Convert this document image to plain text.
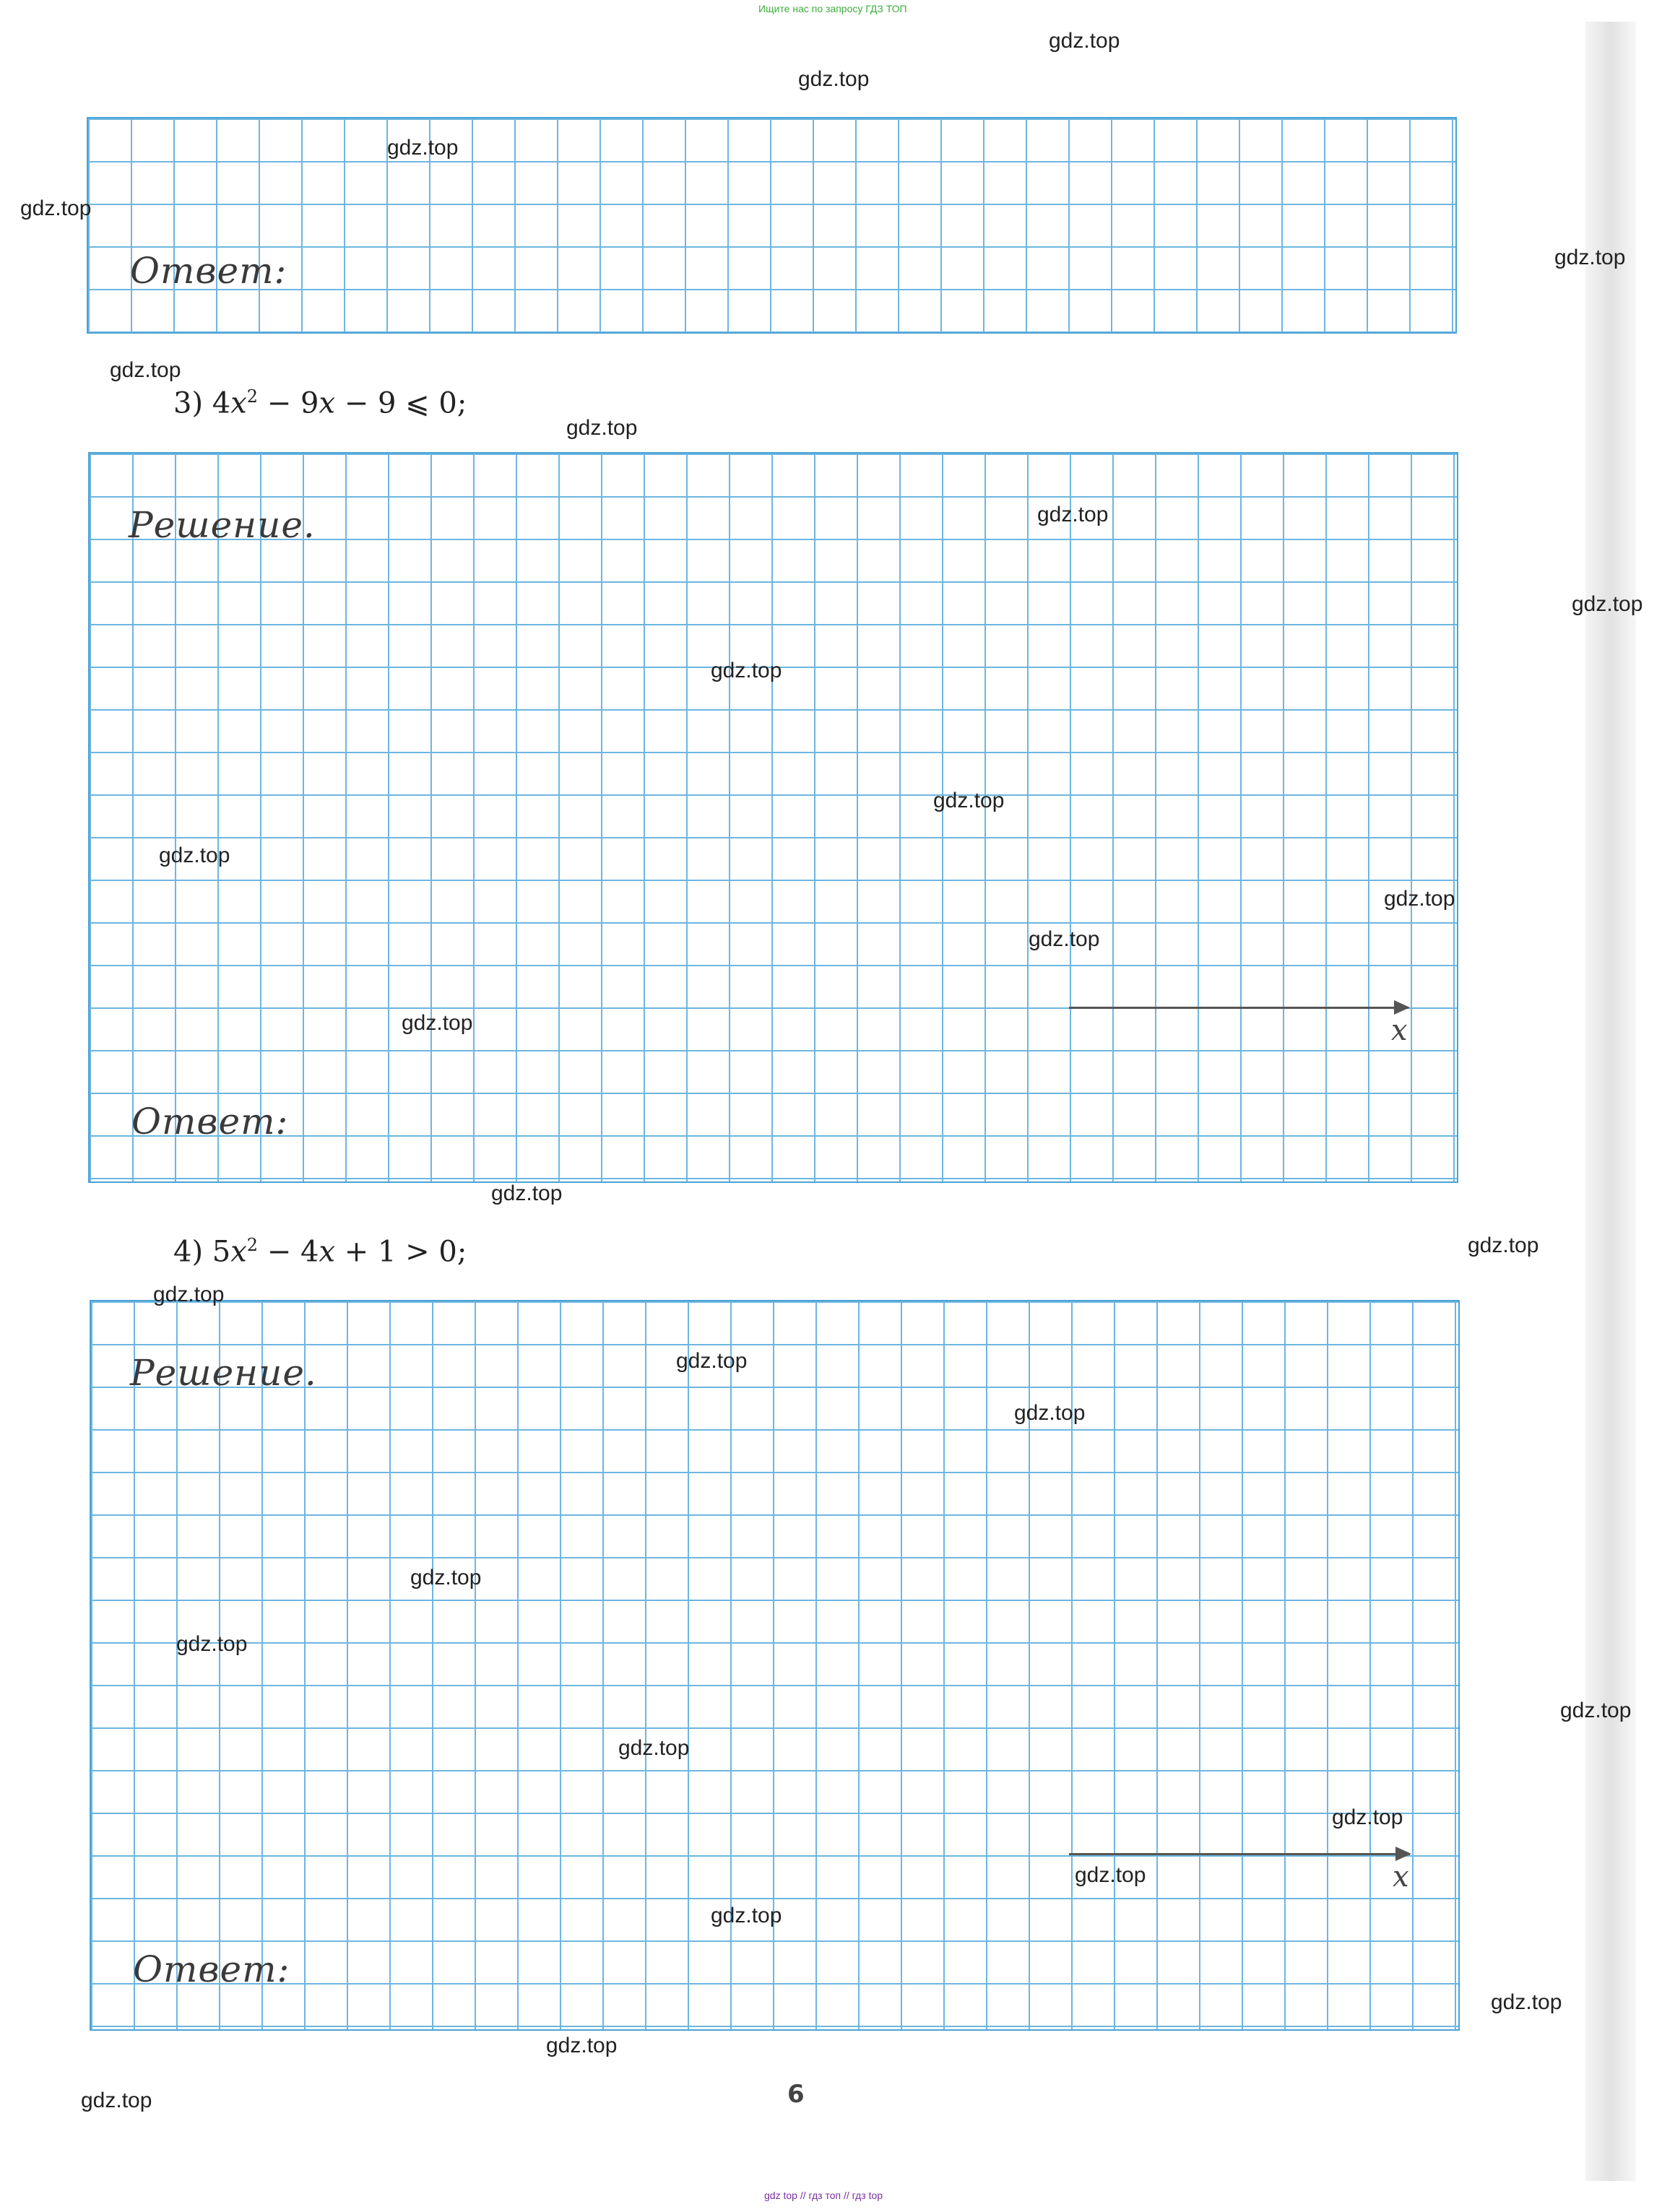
Ищите нас по запросу ГДЗ ТОП
Ответ:
3) $4x^2 - 9x - 9$ ⩽ 0;
Решение.
x
Ответ:
4) $5x^2 - 4x + 1 > 0$;
Решение.
x
Ответ:
6
gdz.top
gdz.top
gdz.top
gdz.top
gdz.top
gdz.top
gdz.top
gdz.top
gdz.top
gdz.top
gdz.top
gdz.top
gdz.top
gdz.top
gdz.top
gdz.top
gdz.top
gdz.top
gdz.top
gdz.top
gdz.top
gdz.top
gdz.top
gdz.top
gdz.top
gdz.top
gdz.top
gdz.top
gdz.top
gdz.top
gdz top // гдз топ // гдз top
